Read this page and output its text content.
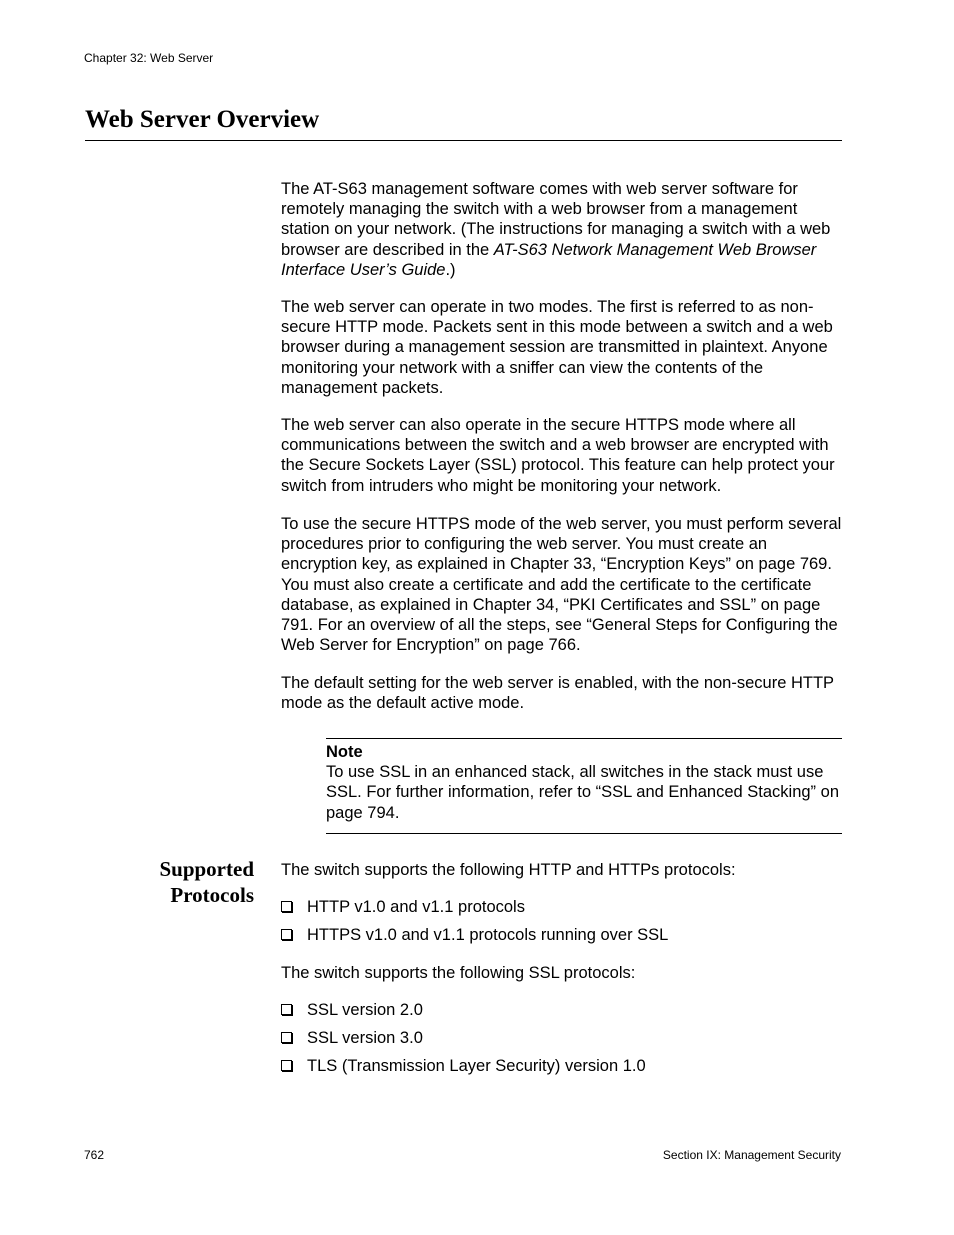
Chapter 32: Web Server
Web Server Overview

The AT-S63 management software comes with web server software for remotely managing the switch with a web browser from a management station on your network. (The instructions for managing a switch with a web browser are described in the AT-S63 Network Management Web Browser Interface User’s Guide.)

The web server can operate in two modes. The first is referred to as non-secure HTTP mode. Packets sent in this mode between a switch and a web browser during a management session are transmitted in plaintext. Anyone monitoring your network with a sniffer can view the contents of the management packets.

The web server can also operate in the secure HTTPS mode where all communications between the switch and a web browser are encrypted with the Secure Sockets Layer (SSL) protocol. This feature can help protect your switch from intruders who might be monitoring your network.

To use the secure HTTPS mode of the web server, you must perform several procedures prior to configuring the web server. You must create an encryption key, as explained in Chapter 33, “Encryption Keys” on page 769. You must also create a certificate and add the certificate to the certificate database, as explained in Chapter 34, “PKI Certificates and SSL” on page 791. For an overview of all the steps, see “General Steps for Configuring the Web Server for Encryption” on page 766.

The default setting for the web server is enabled, with the non-secure HTTP mode as the default active mode.

Note
To use SSL in an enhanced stack, all switches in the stack must use SSL. For further information, refer to “SSL and Enhanced Stacking” on page 794.
Supported
Protocols

The switch supports the following HTTP and HTTPs protocols:

HTTP v1.0 and v1.1 protocols
HTTPS v1.0 and v1.1 protocols running over SSL

The switch supports the following SSL protocols:

SSL version 2.0
SSL version 3.0
TLS (Transmission Layer Security) version 1.0
762	Section IX: Management Security
